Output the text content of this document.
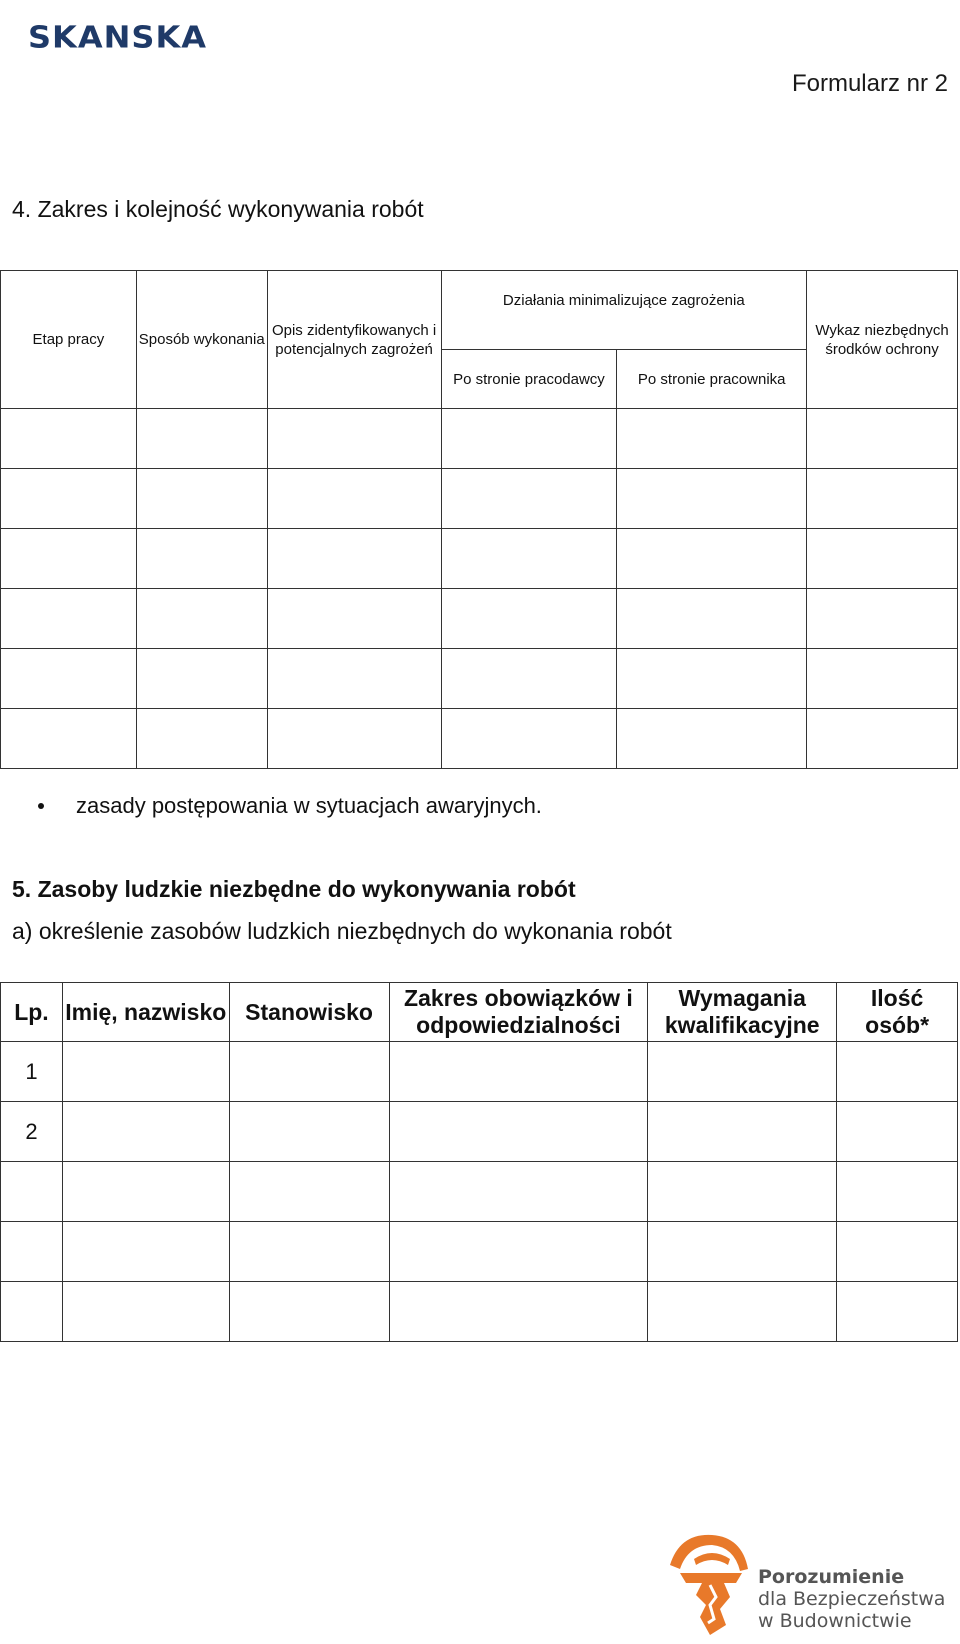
SKANSKA
Formularz nr 2
4. Zakres i kolejność wykonywania robót
Etap pracy	Sposób wykonania	Opis zidentyfikowanych i potencjalnych zagrożeń	Działania minimalizujące zagrożenia		Wykaz niezbędnych środków ochrony
			Po stronie pracodawcy	Po stronie pracownika	

zasady postępowania w sytuacjach awaryjnych.
5. Zasoby ludzkie niezbędne do wykonywania robót
a) określenie zasobów ludzkich niezbędnych do wykonania robót
Lp.	Imię, nazwisko	Stanowisko	Zakres obowiązków i odpowiedzialności	Wymagania kwalifikacyjne	Ilość osób*
1					
2					

Porozumienie
dla Bezpieczeństwa
w Budownictwie
